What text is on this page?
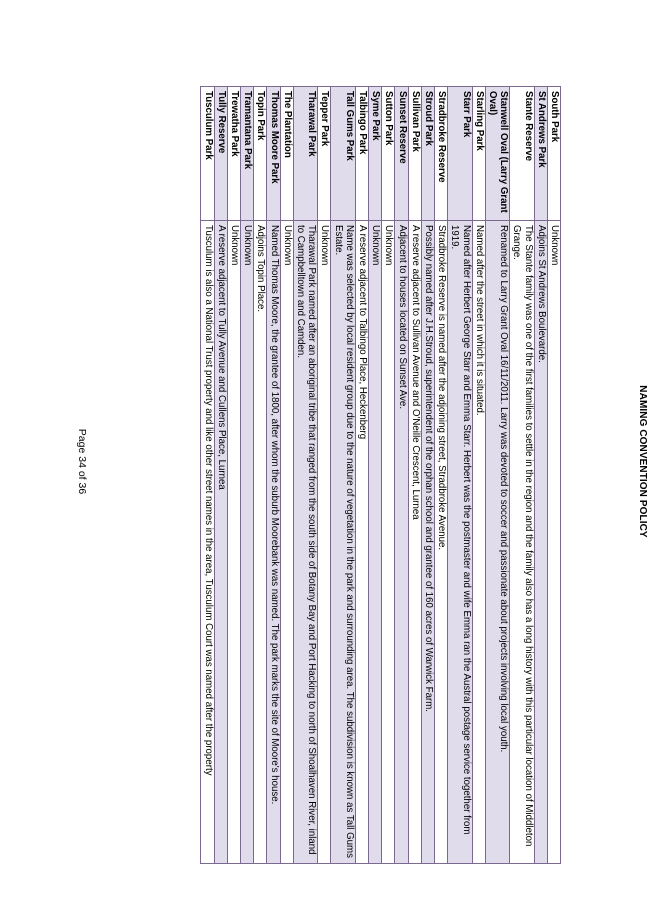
NAMING CONVENTION POLICY
South Park	Unknown
St Andrews Park	Adjoins St Andrews Boulevarde.
Stante Reserve	The Stante family was one of the first families to settle in the region and the family also has a long history with this particular location of Middleton Grange.
Stanwell Oval (Larry Grant Oval)	Renamed to Larry Grant Oval 16/11/2011. Larry was devoted to soccer and passionate about projects involving local youth.
Starling Park	Named after the street in which it is situated.
Starr Park	Named after Herbert George Starr and Emma Starr. Herbert was the postmaster and wife Emma ran the Austral postage service together from 1919.
Stradbroke Reserve	Stradbroke Reserve is named after the adjoining street, Stradbroke Avenue.
Stroud Park	Possibly named after J.H.Stroud, superintendent of the orphan school and grantee of 160 acres of Warwick Farm.
Sullivan Park	A reserve adjacent to Sullivan Avenue and O'Neille Crescent, Lurnea
Sunset Reserve	Adjacent to houses located on Sunset Ave.
Sutton Park	Unknown
Syme Park	Unknown
Talbingo Park	A reserve adjacent to Talbingo Place, Heckenberg
Tall Gums Park	Name was selected by local resident group due to the nature of vegetation in the park and surrounding area. The subdivision is known as Tall Gums Estate.
Tepper Park	Unknown
Tharawal Park	Tharawal Park named after an aboriginal tribe that ranged from the south side of Botany Bay and Port Hacking to north of Shoalhaven River, inland to Campbelltown and Camden.
The Plantation	Unknown
Thomas Moore Park	Named Thomas Moore, the grantee of 1800, after whom the suburb Moorebank was named. The park marks the site of Moore's house.
Topin Park	Adjoins Topin Place.
Tramantana Park	Unknown
Trewatha Park	Unknown
Tully Reserve	A reserve adjacent to Tully Avenue and Cullens Place, Lurnea
Tusculum Park	Tusculum is also a National Trust property and like other street names in the area, Tusculum Court was named after the property
Page 34 of 36
